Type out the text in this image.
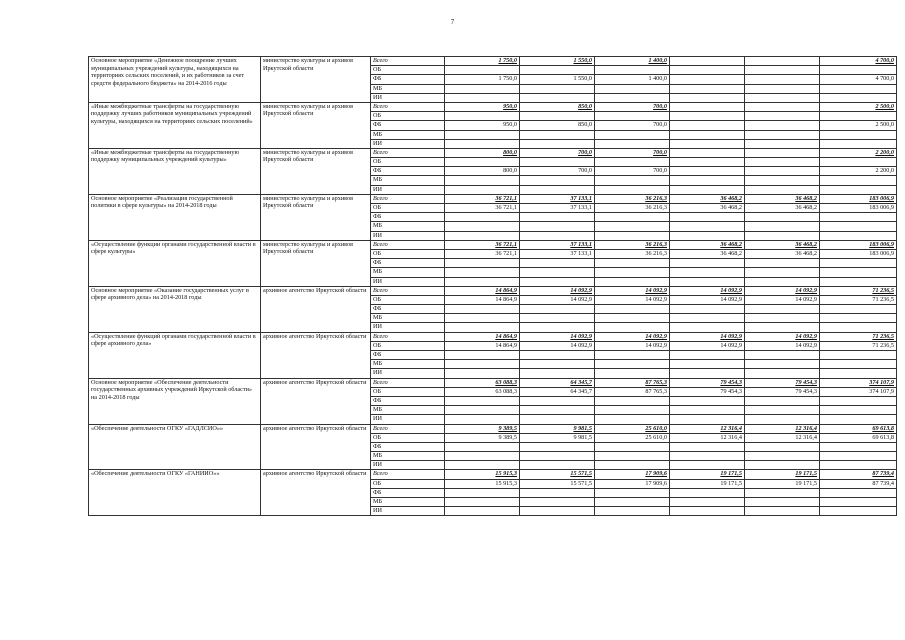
7
Основное мероприятие «Денежное поощрение лучших муниципальных учреждений культуры, находящихся на территориях сельских поселений, и их работников за счет средств федерального бюджета» на 2014-2016 годы	министерство культуры и архивов Иркутской области	Всего	1 750,0	1 550,0	1 400,0			4 700,0
		ОБ						
		ФБ	1 750,0	1 550,0	1 400,0			4 700,0
		МБ						
		ИИ						
«Иные межбюджетные трансферты на государственную поддержку лучших работников муниципальных учреждений культуры, находящихся на территориях сельских поселений»	министерство культуры и архивов Иркутской области	Всего	950,0	850,0	700,0			2 500,0
		ОБ						
		ФБ	950,0	850,0	700,0			2 500,0
		МБ						
		ИИ						
«Иные межбюджетные трансферты на государственную поддержку муниципальных учреждений культуры»	министерство культуры и архивов Иркутской области	Всего	800,0	700,0	700,0			2 200,0
		ОБ						
		ФБ	800,0	700,0	700,0			2 200,0
		МБ						
		ИИ						
Основное мероприятие «Реализация государственной политики в сфере культуры» на 2014-2018 годы	министерство культуры и архивов Иркутской области	Всего	36 721,1	37 133,1	36 216,3	36 468,2	36 468,2	183 006,9
		ОБ	36 721,1	37 133,1	36 216,3	36 468,2	36 468,2	183 006,9
		ФБ						
		МБ						
		ИИ						
«Осуществление функции органами государственной власти в сфере культуры»	министерство культуры и архивов Иркутской области	Всего	36 721,1	37 133,1	36 216,3	36 468,2	36 468,2	183 006,9
		ОБ	36 721,1	37 133,1	36 216,3	36 468,2	36 468,2	183 006,9
		ФБ						
		МБ						
		ИИ						
Основное мероприятие «Оказание государственных услуг в сфере архивного дела» на 2014-2018 годы	архивное агентство Иркутской области	Всего	14 864,9	14 092,9	14 092,9	14 092,9	14 092,9	71 236,5
		ОБ	14 864,9	14 092,9	14 092,9	14 092,9	14 092,9	71 236,5
		ФБ						
		МБ						
		ИИ						
«Осуществление функций органами государственной власти в сфере архивного дела»	архивное агентство Иркутской области	Всего	14 864,9	14 092,9	14 092,9	14 092,9	14 092,9	71 236,5
		ОБ	14 864,9	14 092,9	14 092,9	14 092,9	14 092,9	71 236,5
		ФБ						
		МБ						
		ИИ						
Основное мероприятие «Обеспечение деятельности государственных архивных учреждений Иркутской области» на 2014-2018 годы	архивное агентство Иркутской области	Всего	63 088,3	64 345,7	87 765,3	79 454,3	79 454,3	374 107,9
		ОБ	63 088,3	64 345,7	87 765,3	79 454,3	79 454,3	374 107,9
		ФБ						
		МБ						
		ИИ						
«Обеспечение деятельности ОГКУ «ГАДЛСИО»»	архивное агентство Иркутской области	Всего	9 389,5	9 981,5	25 610,0	12 316,4	12 316,4	69 613,8
		ОБ	9 389,5	9 981,5	25 610,0	12 316,4	12 316,4	69 613,8
		ФБ						
		МБ						
		ИИ						
«Обеспечение деятельности ОГКУ «ГАНИИО»»	архивное агентство Иркутской области	Всего	15 915,3	15 571,5	17 909,6	19 171,5	19 171,5	87 739,4
		ОБ	15 915,3	15 571,5	17 909,6	19 171,5	19 171,5	87 739,4
		ФБ						
		МБ						
		ИИ						
